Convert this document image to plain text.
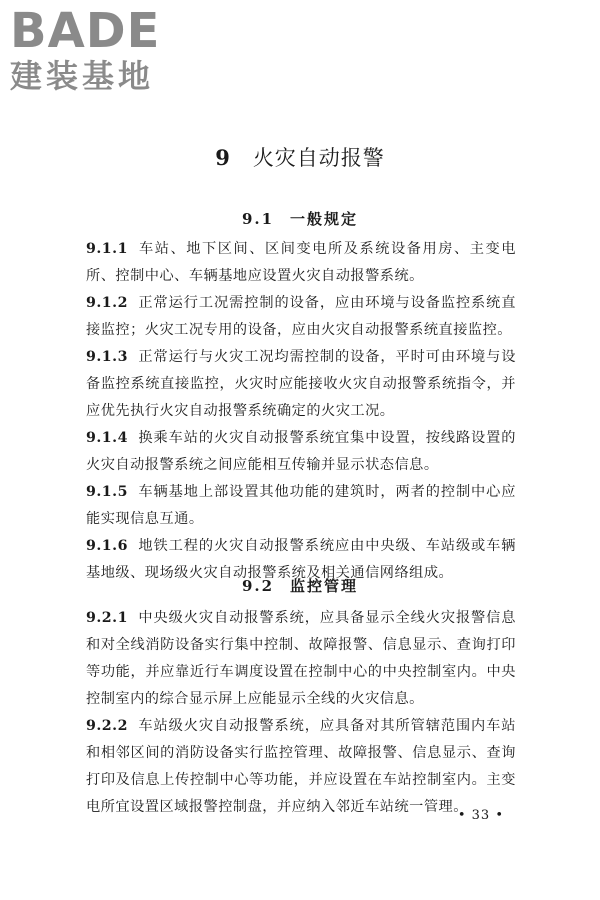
BADE
建装基地
9 火灾自动报警
9.1 一般规定

9.1.1 车站、地下区间、区间变电所及系统设备用房、主变电所、控制中心、车辆基地应设置火灾自动报警系统。

9.1.2 正常运行工况需控制的设备，应由环境与设备监控系统直接监控；火灾工况专用的设备，应由火灾自动报警系统直接监控。

9.1.3 正常运行与火灾工况均需控制的设备，平时可由环境与设备监控系统直接监控，火灾时应能接收火灾自动报警系统指令，并应优先执行火灾自动报警系统确定的火灾工况。

9.1.4 换乘车站的火灾自动报警系统宜集中设置，按线路设置的火灾自动报警系统之间应能相互传输并显示状态信息。

9.1.5 车辆基地上部设置其他功能的建筑时，两者的控制中心应能实现信息互通。

9.1.6 地铁工程的火灾自动报警系统应由中央级、车站级或车辆基地级、现场级火灾自动报警系统及相关通信网络组成。

9.2 监控管理

9.2.1 中央级火灾自动报警系统，应具备显示全线火灾报警信息和对全线消防设备实行集中控制、故障报警、信息显示、查询打印等功能，并应靠近行车调度设置在控制中心的中央控制室内。中央控制室内的综合显示屏上应能显示全线的火灾信息。

9.2.2 车站级火灾自动报警系统，应具备对其所管辖范围内车站和相邻区间的消防设备实行监控管理、故障报警、信息显示、查询打印及信息上传控制中心等功能，并应设置在车站控制室内。主变电所宜设置区域报警控制盘，并应纳入邻近车站统一管理。

• 33 •
